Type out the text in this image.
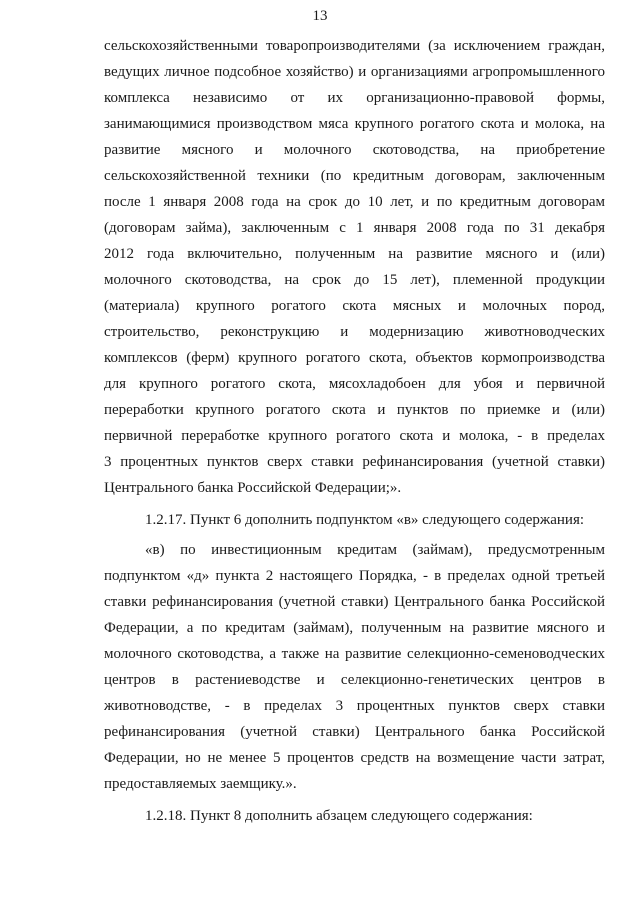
13
сельскохозяйственными товаропроизводителями (за исключением граждан,
ведущих личное подсобное хозяйство) и организациями агропромышленного
комплекса независимо от их организационно-правовой формы,
занимающимися производством мяса крупного рогатого скота и молока, на
развитие мясного и молочного скотоводства, на приобретение
сельскохозяйственной техники (по кредитным договорам, заключенным
после 1 января 2008 года на срок до 10 лет, и по кредитным договорам
(договорам займа), заключенным с 1 января 2008 года по 31 декабря
2012 года включительно, полученным на развитие мясного и (или)
молочного скотоводства, на срок до 15 лет), племенной продукции
(материала) крупного рогатого скота мясных и молочных пород,
строительство, реконструкцию и модернизацию животноводческих
комплексов (ферм) крупного рогатого скота, объектов кормопроизводства
для крупного рогатого скота, мясохладобоен для убоя и первичной
переработки крупного рогатого скота и пунктов по приемке и (или)
первичной переработке крупного рогатого скота и молока, - в пределах
3 процентных пунктов сверх ставки рефинансирования (учетной ставки)
Центрального банка Российской Федерации;».
1.2.17. Пункт 6 дополнить подпунктом «в» следующего содержания:
«в) по инвестиционным кредитам (займам), предусмотренным
подпунктом «д» пункта 2 настоящего Порядка, - в пределах одной третьей
ставки рефинансирования (учетной ставки) Центрального банка Российской
Федерации, а по кредитам (займам), полученным на развитие мясного и
молочного скотоводства, а также на развитие селекционно-семеноводческих
центров в растениеводстве и селекционно-генетических центров в
животноводстве, - в пределах 3 процентных пунктов сверх ставки
рефинансирования (учетной ставки) Центрального банка Российской
Федерации, но не менее 5 процентов средств на возмещение части затрат,
предоставляемых заемщику.».
1.2.18. Пункт 8 дополнить абзацем следующего содержания:
